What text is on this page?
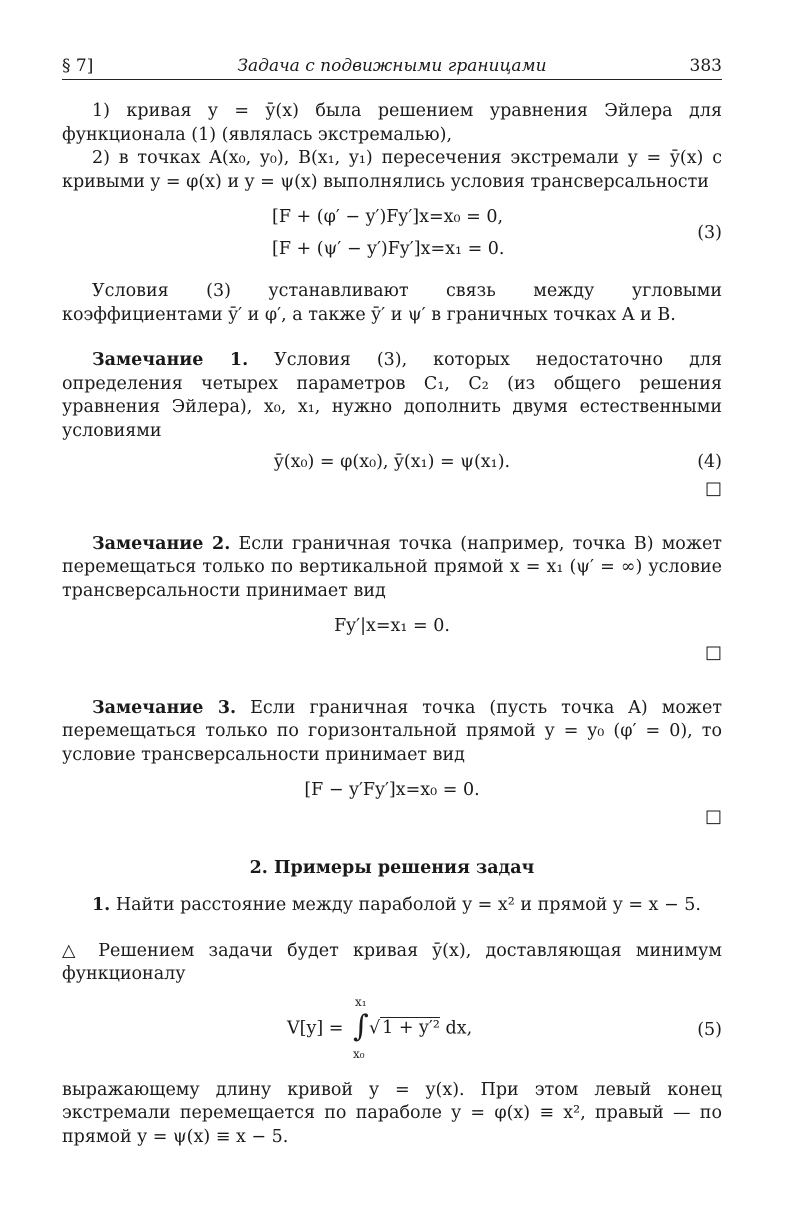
§ 7]	Задача с подвижными границами	383

1) кривая y = ȳ(x) была решением уравнения Эйлера для функционала (1) (являлась экстремалью),

2) в точках A(x₀, y₀), B(x₁, y₁) пересечения экстремали y = ȳ(x) с кривыми y = φ(x) и y = ψ(x) выполнялись условия трансверсальности

[F + (φ′ − y′)Fy′]x=x₀ = 0,
[F + (ψ′ − y′)Fy′]x=x₁ = 0.
(3)

Условия (3) устанавливают связь между угловыми коэффициентами ȳ′ и φ′, а также ȳ′ и ψ′ в граничных точках A и B.

Замечание 1. Условия (3), которых недостаточно для определения четырех параметров C₁, C₂ (из общего решения уравнения Эйлера), x₀, x₁, нужно дополнить двумя естественными условиями

ȳ(x₀) = φ(x₀), ȳ(x₁) = ψ(x₁).	(4)
□

Замечание 2. Если граничная точка (например, точка B) может перемещаться только по вертикальной прямой x = x₁ (ψ′ = ∞) условие трансверсальности принимает вид

Fy′|x=x₁ = 0.
□

Замечание 3. Если граничная точка (пусть точка A) может перемещаться только по горизонтальной прямой y = y₀ (φ′ = 0), то условие трансверсальности принимает вид

[F − y′Fy′]x=x₀ = 0.
□
2. Примеры решения задач

1. Найти расстояние между параболой y = x² и прямой y = x − 5.

△ Решением задачи будет кривая ȳ(x), доставляющая минимум функционалу

V[y] =
x₁
∫
x₀
√ 1 + y′² dx,	(5)

выражающему длину кривой y = y(x). При этом левый конец экстремали перемещается по параболе y = φ(x) ≡ x², правый — по прямой y = ψ(x) ≡ x − 5.
